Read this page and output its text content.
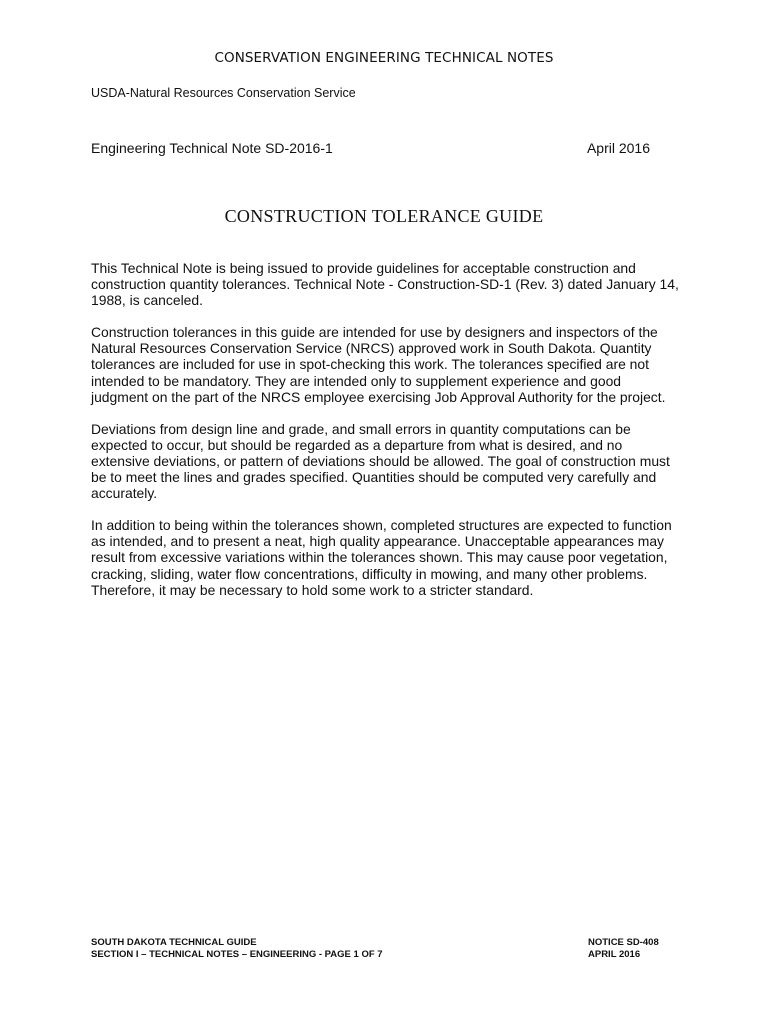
CONSERVATION ENGINEERING TECHNICAL NOTES
USDA-Natural Resources Conservation Service
Engineering Technical Note SD-2016-1	April 2016
CONSTRUCTION TOLERANCE GUIDE

This Technical Note is being issued to provide guidelines for acceptable construction and construction quantity tolerances. Technical Note - Construction-SD-1 (Rev. 3) dated January 14, 1988, is canceled.

Construction tolerances in this guide are intended for use by designers and inspectors of the Natural Resources Conservation Service (NRCS) approved work in South Dakota. Quantity tolerances are included for use in spot-checking this work. The tolerances specified are not intended to be mandatory. They are intended only to supplement experience and good judgment on the part of the NRCS employee exercising Job Approval Authority for the project.

Deviations from design line and grade, and small errors in quantity computations can be expected to occur, but should be regarded as a departure from what is desired, and no extensive deviations, or pattern of deviations should be allowed. The goal of construction must be to meet the lines and grades specified. Quantities should be computed very carefully and accurately.

In addition to being within the tolerances shown, completed structures are expected to function as intended, and to present a neat, high quality appearance. Unacceptable appearances may result from excessive variations within the tolerances shown. This may cause poor vegetation, cracking, sliding, water flow concentrations, difficulty in mowing, and many other problems. Therefore, it may be necessary to hold some work to a stricter standard.

SOUTH DAKOTA TECHNICAL GUIDE
SECTION I – TECHNICAL NOTES – ENGINEERING - PAGE 1 OF 7
NOTICE SD-408
APRIL 2016
